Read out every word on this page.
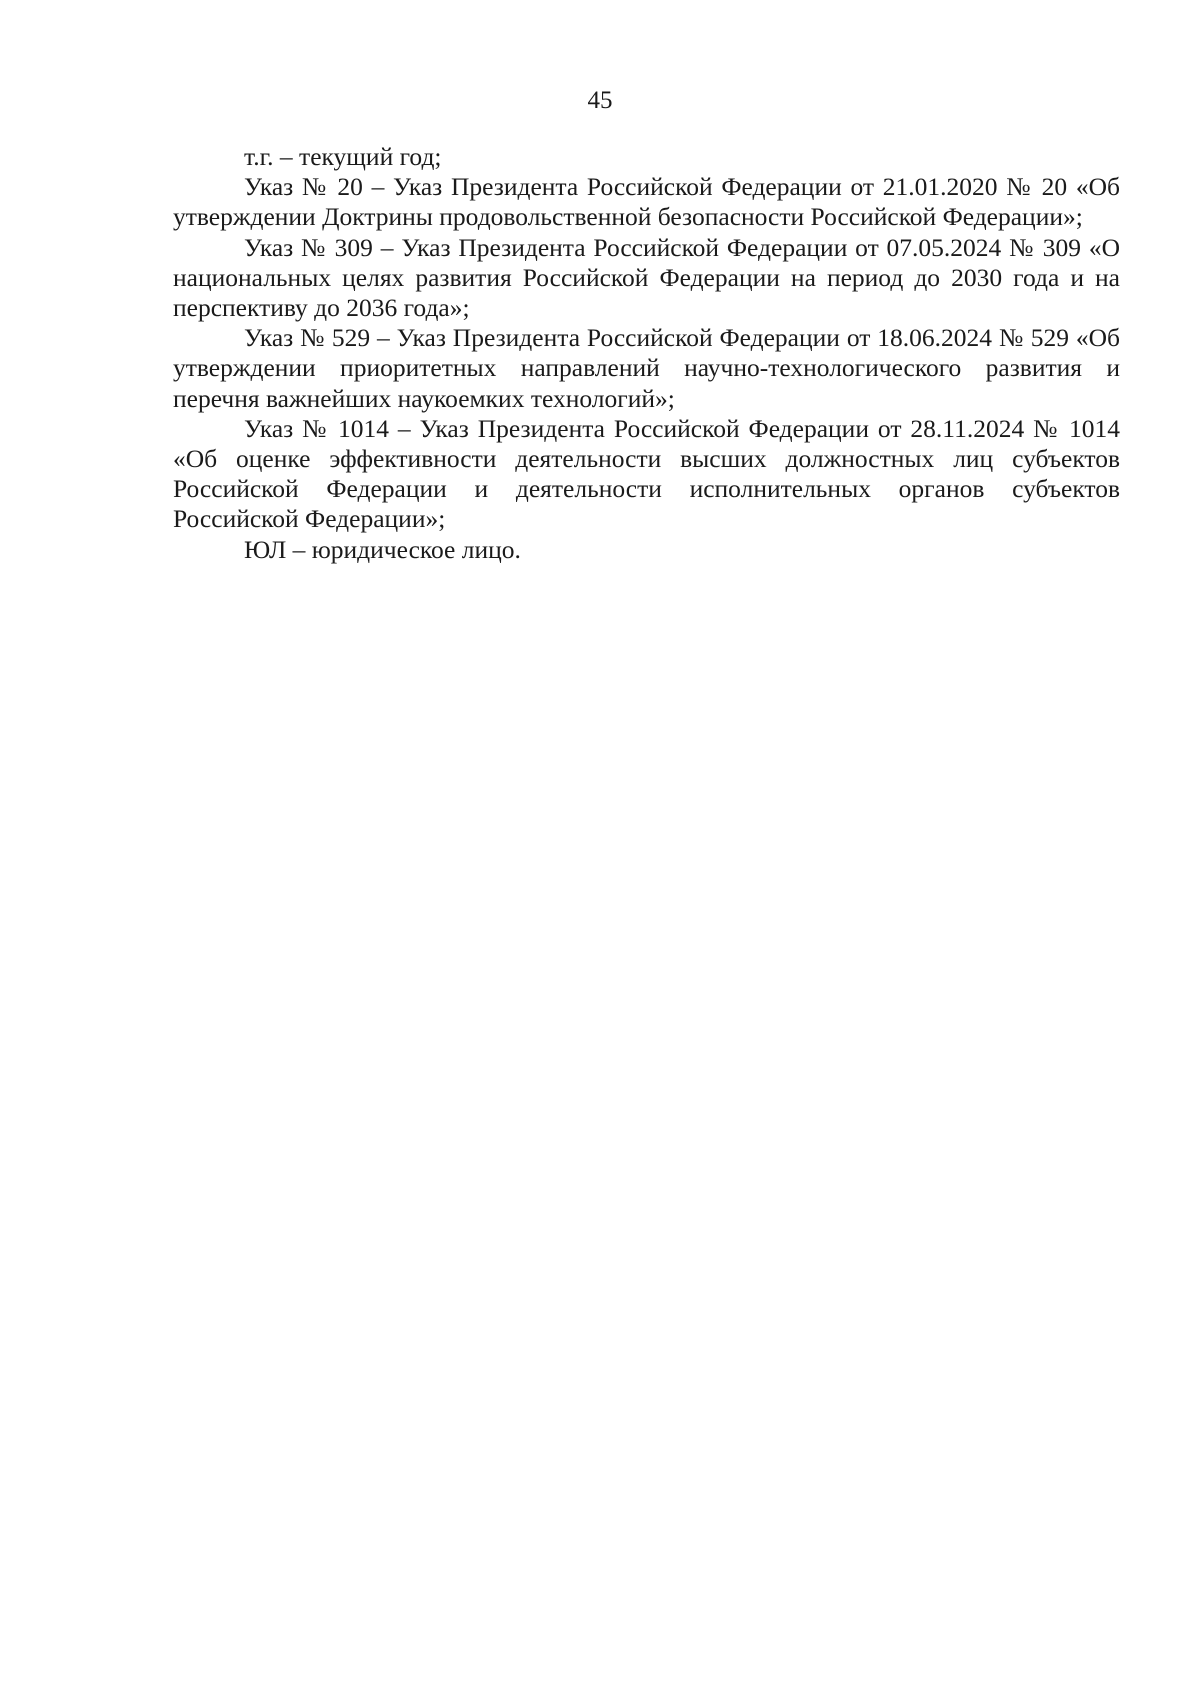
45

т.г. – текущий год;

Указ № 20 – Указ Президента Российской Федерации от 21.01.2020 № 20 «Об утверждении Доктрины продовольственной безопасности Российской Федерации»;

Указ № 309 – Указ Президента Российской Федерации от 07.05.2024 № 309 «О национальных целях развития Российской Федерации на период до 2030 года и на перспективу до 2036 года»;

Указ № 529 – Указ Президента Российской Федерации от 18.06.2024 № 529 «Об утверждении приоритетных направлений научно-технологического развития и перечня важнейших наукоемких технологий»;

Указ № 1014 – Указ Президента Российской Федерации от 28.11.2024 № 1014 «Об оценке эффективности деятельности высших должностных лиц субъектов Российской Федерации и деятельности исполнительных органов субъектов Российской Федерации»;

ЮЛ – юридическое лицо.
